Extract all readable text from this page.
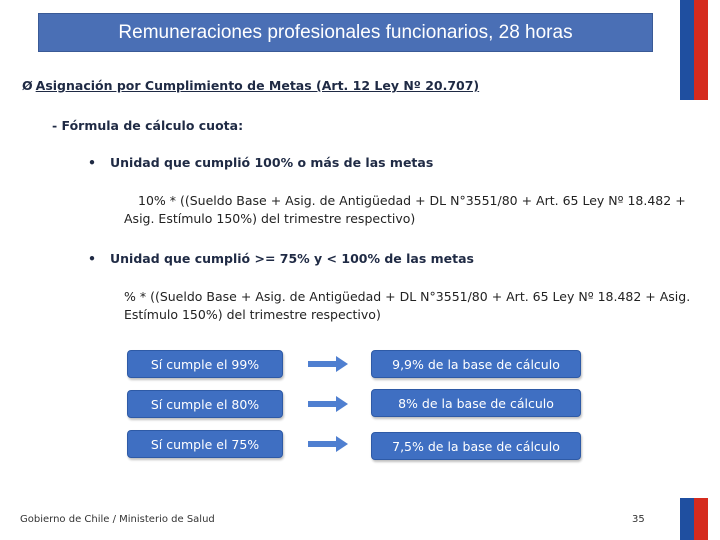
Remuneraciones profesionales funcionarios, 28 horas
Ø Asignación por Cumplimiento de Metas (Art. 12 Ley Nº 20.707)
- Fórmula de cálculo cuota:
• Unidad que cumplió 100% o más de las metas
10% * ((Sueldo Base + Asig. de Antigüedad + DL N°3551/80 + Art. 65 Ley Nº 18.482 +
Asig. Estímulo 150%) del trimestre respectivo)
• Unidad que cumplió >= 75% y < 100% de las metas
% * ((Sueldo Base + Asig. de Antigüedad + DL N°3551/80 + Art. 65 Ley Nº 18.482 + Asig.
Estímulo 150%) del trimestre respectivo)
Sí cumple el 99%	9,9% de la base de cálculo
Sí cumple el 80%	8% de la base de cálculo
Sí cumple el 75%	7,5% de la base de cálculo
Gobierno de Chile / Ministerio de Salud	35
